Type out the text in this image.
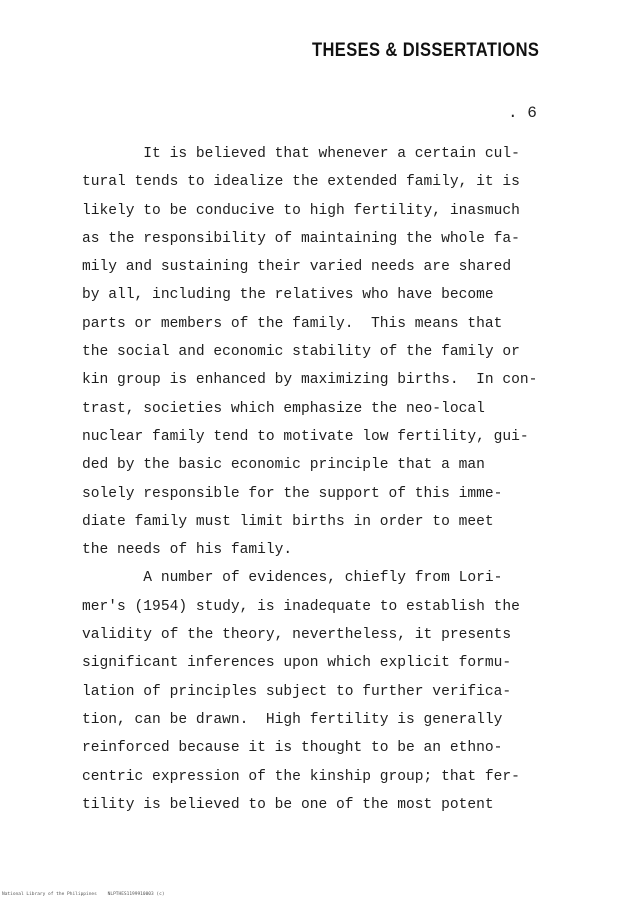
THESES & DISSERTATIONS
. 6
It is believed that whenever a certain cul-
tural tends to idealize the extended family, it is
likely to be conducive to high fertility, inasmuch
as the responsibility of maintaining the whole fa-
mily and sustaining their varied needs are shared
by all, including the relatives who have become
parts or members of the family.  This means that
the social and economic stability of the family or
kin group is enhanced by maximizing births.  In con-
trast, societies which emphasize the neo-local
nuclear family tend to motivate low fertility, gui-
ded by the basic economic principle that a man
solely responsible for the support of this imme-
diate family must limit births in order to meet
the needs of his family.
A number of evidences, chiefly from Lori-
mer's (1954) study, is inadequate to establish the
validity of the theory, nevertheless, it presents
significant inferences upon which explicit formu-
lation of principles subject to further verifica-
tion, can be drawn.  High fertility is generally
reinforced because it is thought to be an ethno-
centric expression of the kinship group; that fer-
tility is believed to be one of the most potent
National Library of the Philippines    NLPTHES1199910003 (c)
